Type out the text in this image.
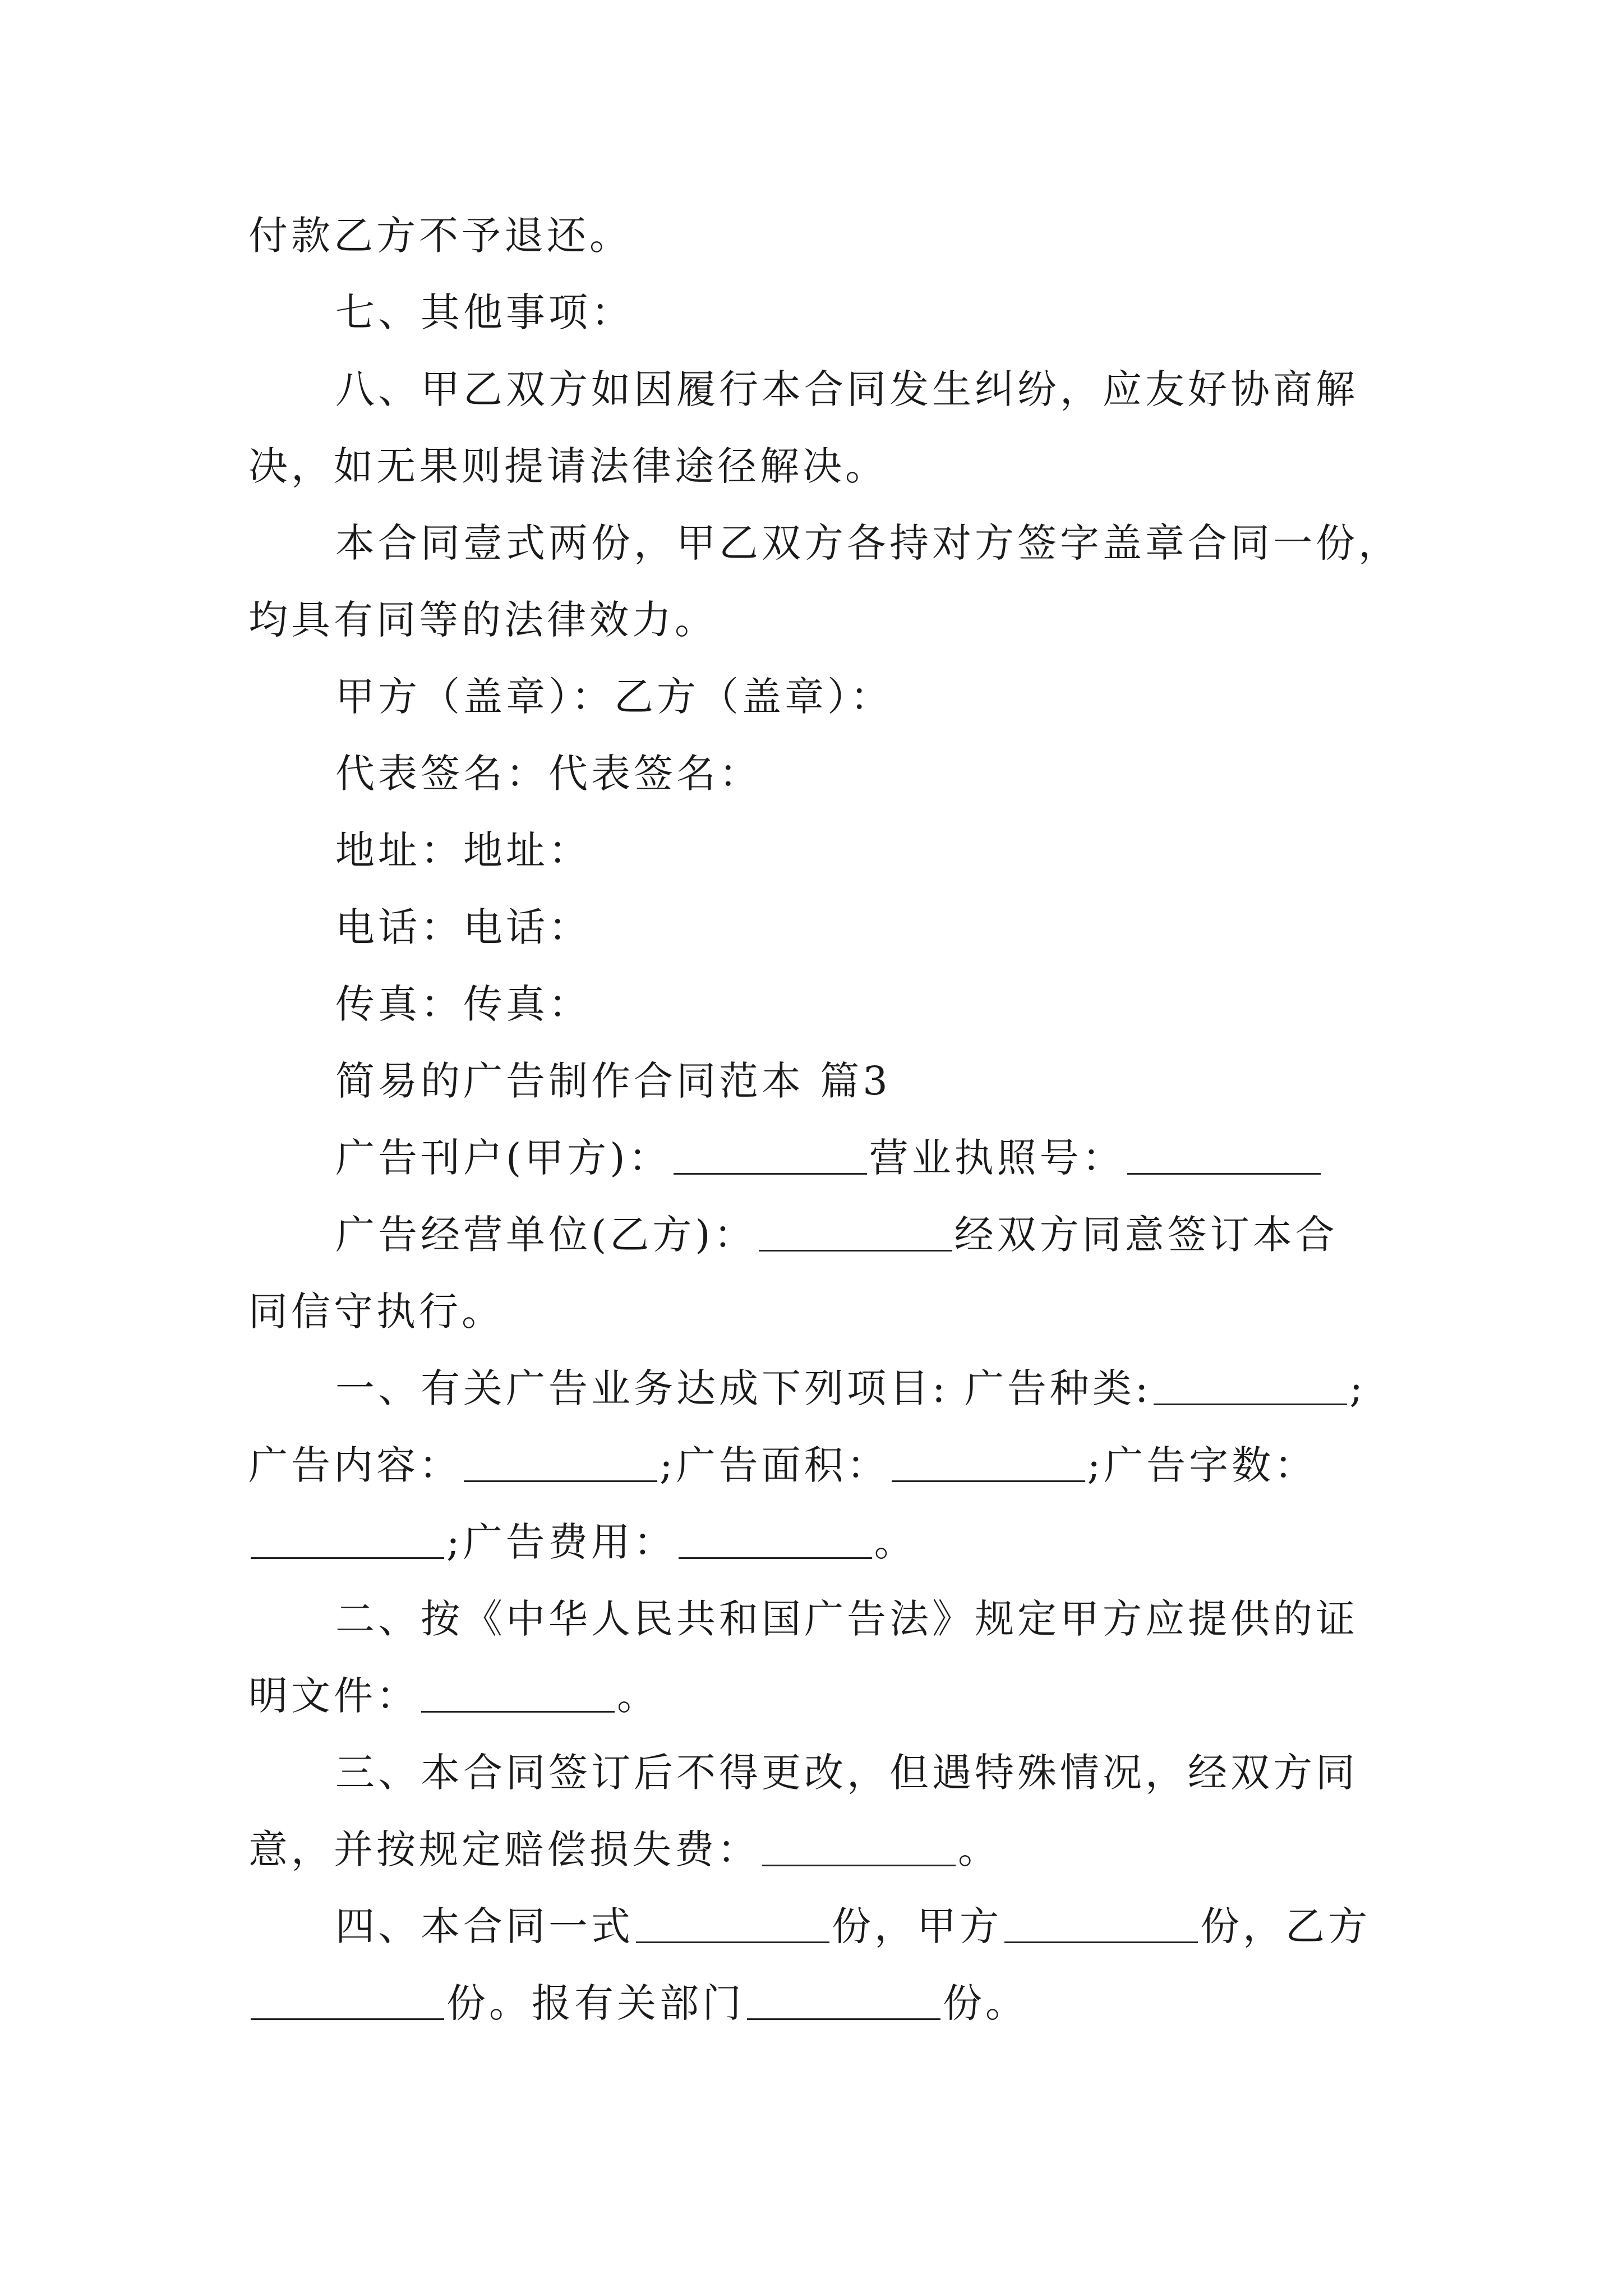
付款乙方不予退还。

七、其他事项：

八、甲乙双方如因履行本合同发生纠纷，应友好协商解

决，如无果则提请法律途径解决。

本合同壹式两份，甲乙双方各持对方签字盖章合同一份，

均具有同等的法律效力。

甲方（盖章）：乙方（盖章）：

代表签名：代表签名：

地址：地址：

电话：电话：

传真：传真：

简易的广告制作合同范本 篇3

广告刊户(甲方)：	营业执照号：

广告经营单位(乙方)：	经双方同意签订本合

同信守执行。

一、有关广告业务达成下列项目: 广告种类:	;

广告内容：	;广告面积：	;广告字数：

;广告费用：	。

二、按《中华人民共和国广告法》规定甲方应提供的证

明文件：	。

三、本合同签订后不得更改，但遇特殊情况，经双方同

意，并按规定赔偿损失费：	。

四、本合同一式	份，甲方	份，乙方

份。报有关部门	份。
